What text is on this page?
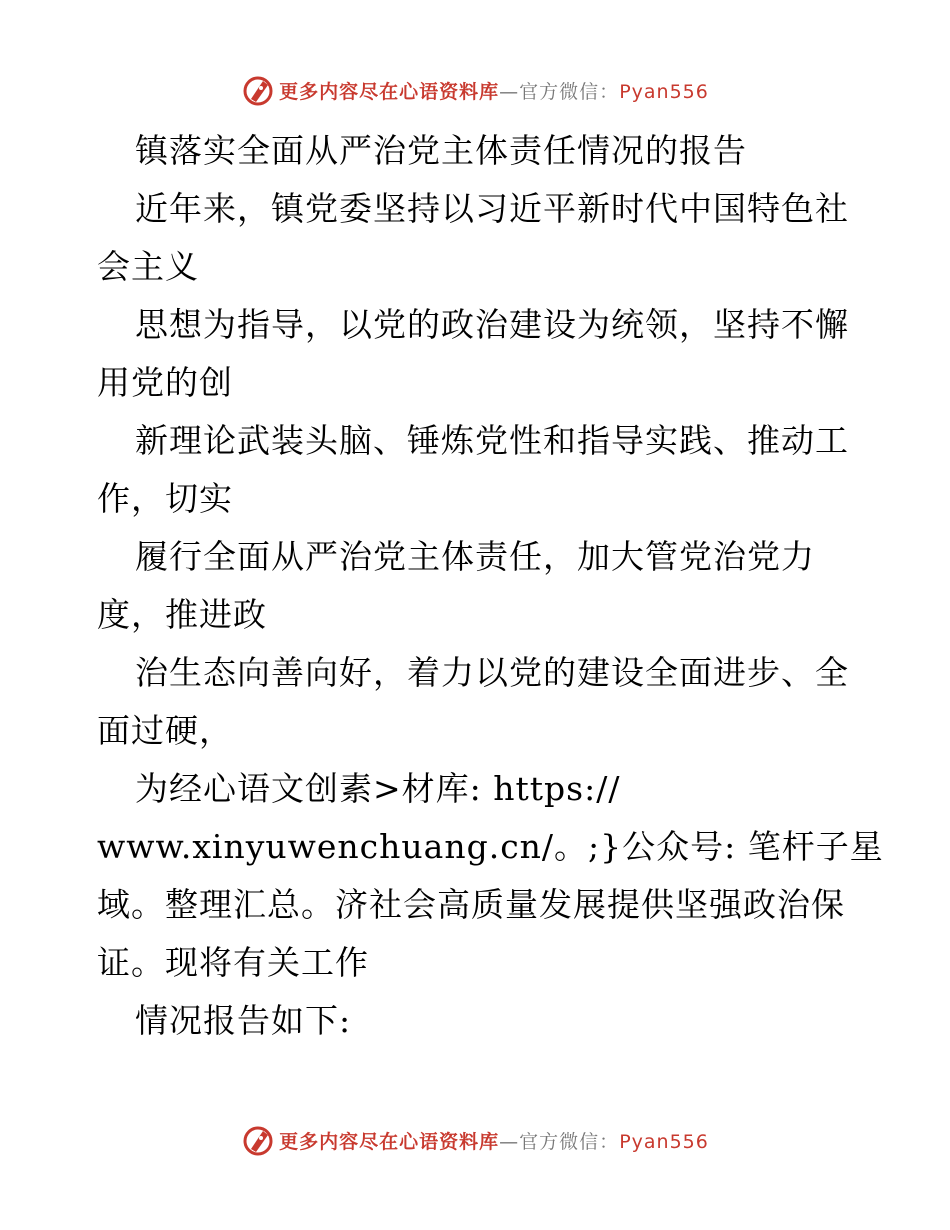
更多内容尽在心语资料库—官方微信：Pyan556
镇落实全面从严治党主体责任情况的报告
近年来，镇党委坚持以习近平新时代中国特色社
会主义
思想为指导，以党的政治建设为统领，坚持不懈
用党的创
新理论武装头脑、锤炼党性和指导实践、推动工
作，切实
履行全面从严治党主体责任，加大管党治党力
度，推进政
治生态向善向好，着力以党的建设全面进步、全
面过硬，
为经心语文创素>材库: https://
www.xinyuwenchuang.cn/。;}公众号: 笔杆子星
域。整理汇总。济社会高质量发展提供坚强政治保
证。现将有关工作
情况报告如下:
更多内容尽在心语资料库—官方微信：Pyan556
